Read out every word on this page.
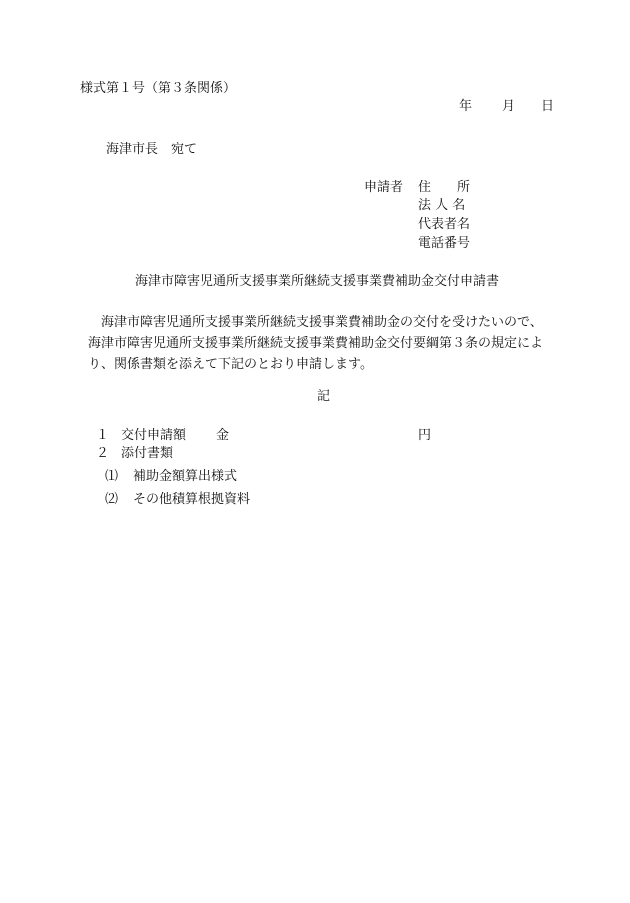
様式第１号（第３条関係）
年 月 日
海津市長　宛て
申請者 住　　所
法 人 名
代表者名
電話番号
海津市障害児通所支援事業所継続支援事業費補助金交付申請書
　海津市障害児通所支援事業所継続支援事業費補助金の交付を受けたいので、
海津市障害児通所支援事業所継続支援事業費補助金交付要綱第３条の規定によ
り、関係書類を添えて下記のとおり申請します。
記
１ 交付申請額 金	円
２ 添付書類
⑴ 補助金額算出様式
⑵ その他積算根拠資料
